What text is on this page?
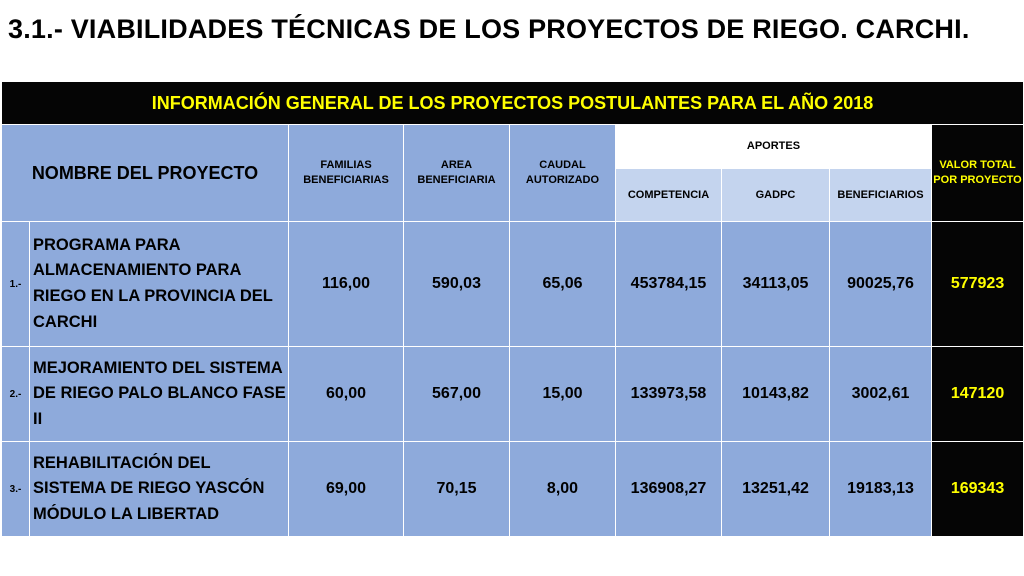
3.1.- VIABILIDADES TÉCNICAS DE LOS PROYECTOS DE RIEGO. CARCHI.
INFORMACIÓN GENERAL DE LOS PROYECTOS POSTULANTES PARA EL AÑO 2018								
NOMBRE DEL PROYECTO		FAMILIAS BENEFICIARIAS	AREA BENEFICIARIA	CAUDAL AUTORIZADO	APORTES			VALOR TOTAL POR PROYECTO
					COMPETENCIA	GADPC	BENEFICIARIOS	
1.-	PROGRAMA PARA ALMACENAMIENTO PARA RIEGO EN LA PROVINCIA DEL CARCHI	116,00	590,03	65,06	453784,15	34113,05	90025,76	577923
2.-	MEJORAMIENTO DEL SISTEMA DE RIEGO PALO BLANCO FASE II	60,00	567,00	15,00	133973,58	10143,82	3002,61	147120
3.-	REHABILITACIÓN DEL SISTEMA DE RIEGO YASCÓN MÓDULO LA LIBERTAD	69,00	70,15	8,00	136908,27	13251,42	19183,13	169343
